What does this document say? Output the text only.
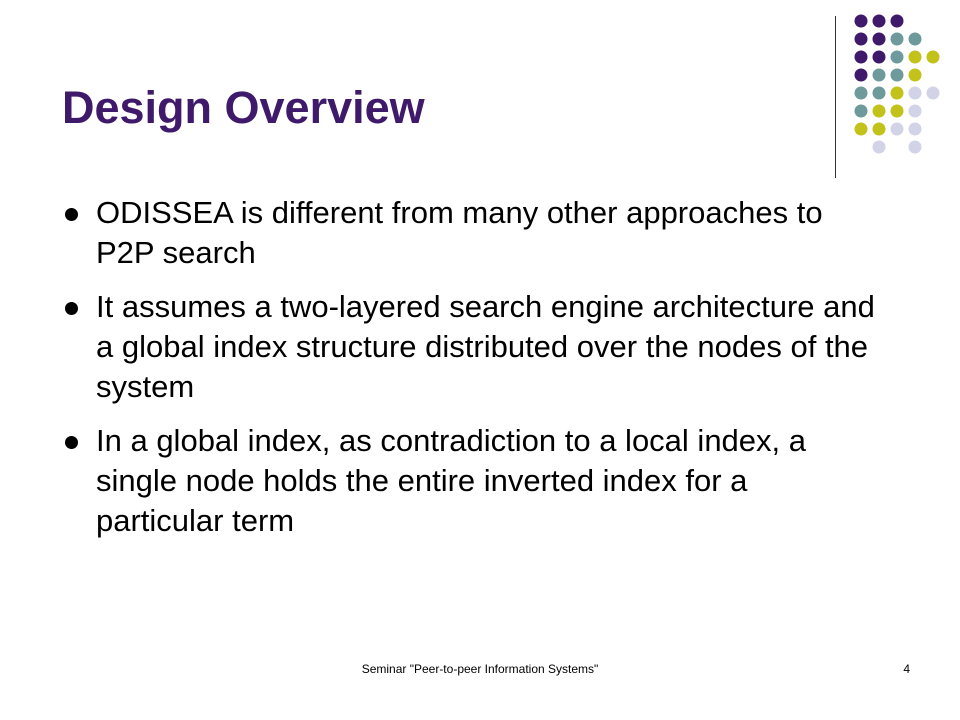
Design Overview
ODISSEA is different from many other approaches to P2P search
It assumes a two-layered search engine architecture and a global index structure distributed over the nodes of the system
In a global index, as contradiction to a local index, a single node holds the entire inverted index for a particular term
Seminar "Peer-to-peer Information Systems"	4
